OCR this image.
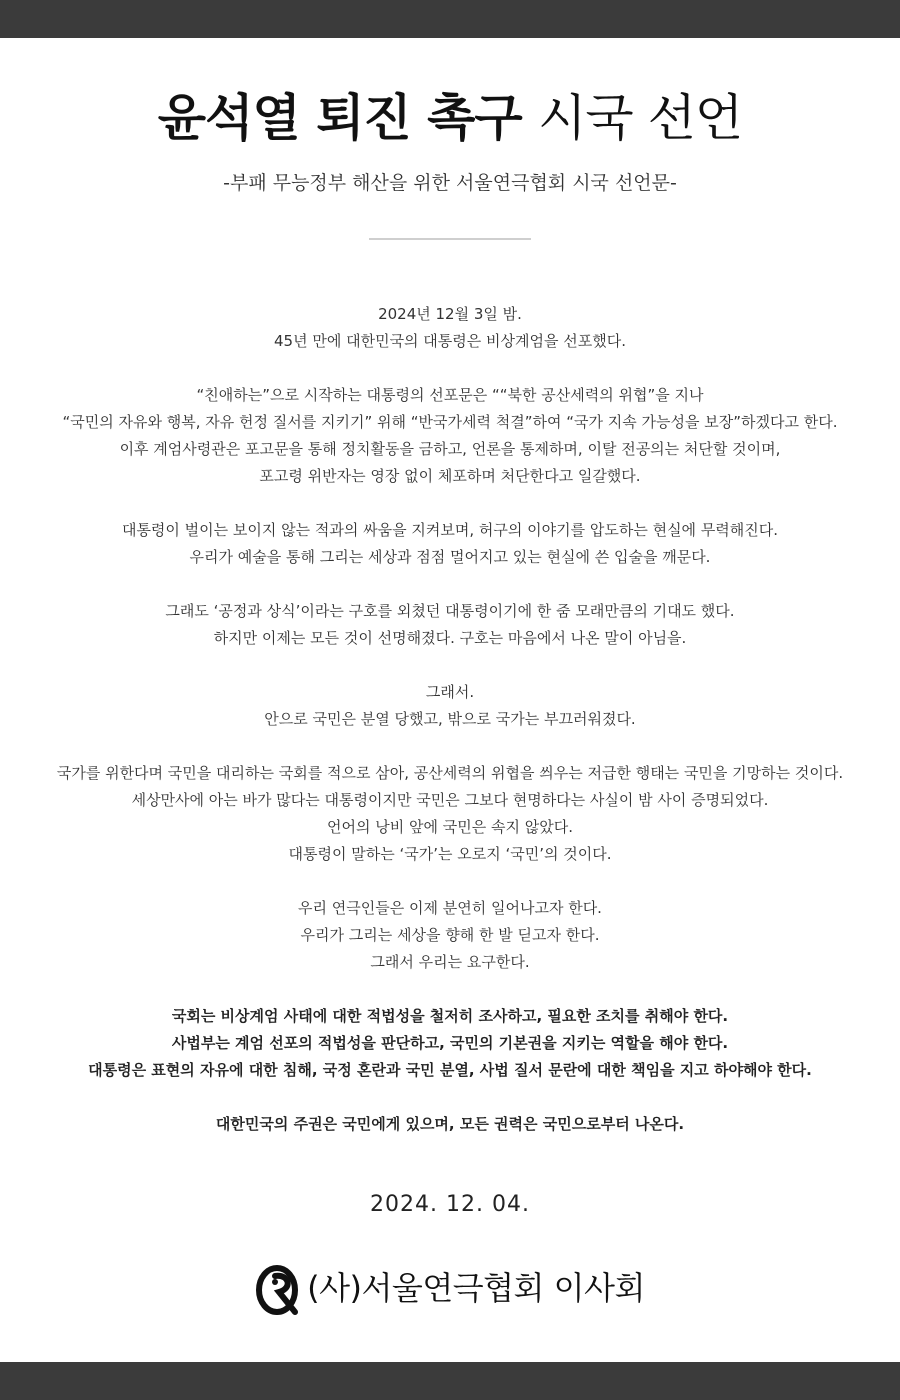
윤석열 퇴진 촉구 시국 선언
-부패 무능정부 해산을 위한 서울연극협회 시국 선언문-
2024년 12월 3일 밤.
45년 만에 대한민국의 대통령은 비상계엄을 선포했다.
“친애하는”으로 시작하는 대통령의 선포문은 ““북한 공산세력의 위협”을 지나
“국민의 자유와 행복, 자유 헌정 질서를 지키기” 위해 “반국가세력 척결”하여 “국가 지속 가능성을 보장”하겠다고 한다.
이후 계엄사령관은 포고문을 통해 정치활동을 금하고, 언론을 통제하며, 이탈 전공의는 처단할 것이며,
포고령 위반자는 영장 없이 체포하며 처단한다고 일갈했다.
대통령이 벌이는 보이지 않는 적과의 싸움을 지켜보며, 허구의 이야기를 압도하는 현실에 무력해진다.
우리가 예술을 통해 그리는 세상과 점점 멀어지고 있는 현실에 쓴 입술을 깨문다.
그래도 ‘공정과 상식’이라는 구호를 외쳤던 대통령이기에 한 줌 모래만큼의 기대도 했다.
하지만 이제는 모든 것이 선명해졌다. 구호는 마음에서 나온 말이 아님을.
그래서.
안으로 국민은 분열 당했고, 밖으로 국가는 부끄러워졌다.
국가를 위한다며 국민을 대리하는 국회를 적으로 삼아, 공산세력의 위협을 씌우는 저급한 행태는 국민을 기망하는 것이다.
세상만사에 아는 바가 많다는 대통령이지만 국민은 그보다 현명하다는 사실이 밤 사이 증명되었다.
언어의 낭비 앞에 국민은 속지 않았다.
대통령이 말하는 ‘국가’는 오로지 ‘국민’의 것이다.
우리 연극인들은 이제 분연히 일어나고자 한다.
우리가 그리는 세상을 향해 한 발 딛고자 한다.
그래서 우리는 요구한다.
국회는 비상계엄 사태에 대한 적법성을 철저히 조사하고, 필요한 조치를 취해야 한다.
사법부는 계엄 선포의 적법성을 판단하고, 국민의 기본권을 지키는 역할을 해야 한다.
대통령은 표현의 자유에 대한 침해, 국정 혼란과 국민 분열, 사법 질서 문란에 대한 책임을 지고 하야해야 한다.
대한민국의 주권은 국민에게 있으며, 모든 권력은 국민으로부터 나온다.
2024. 12. 04.
(사)서울연극협회 이사회
